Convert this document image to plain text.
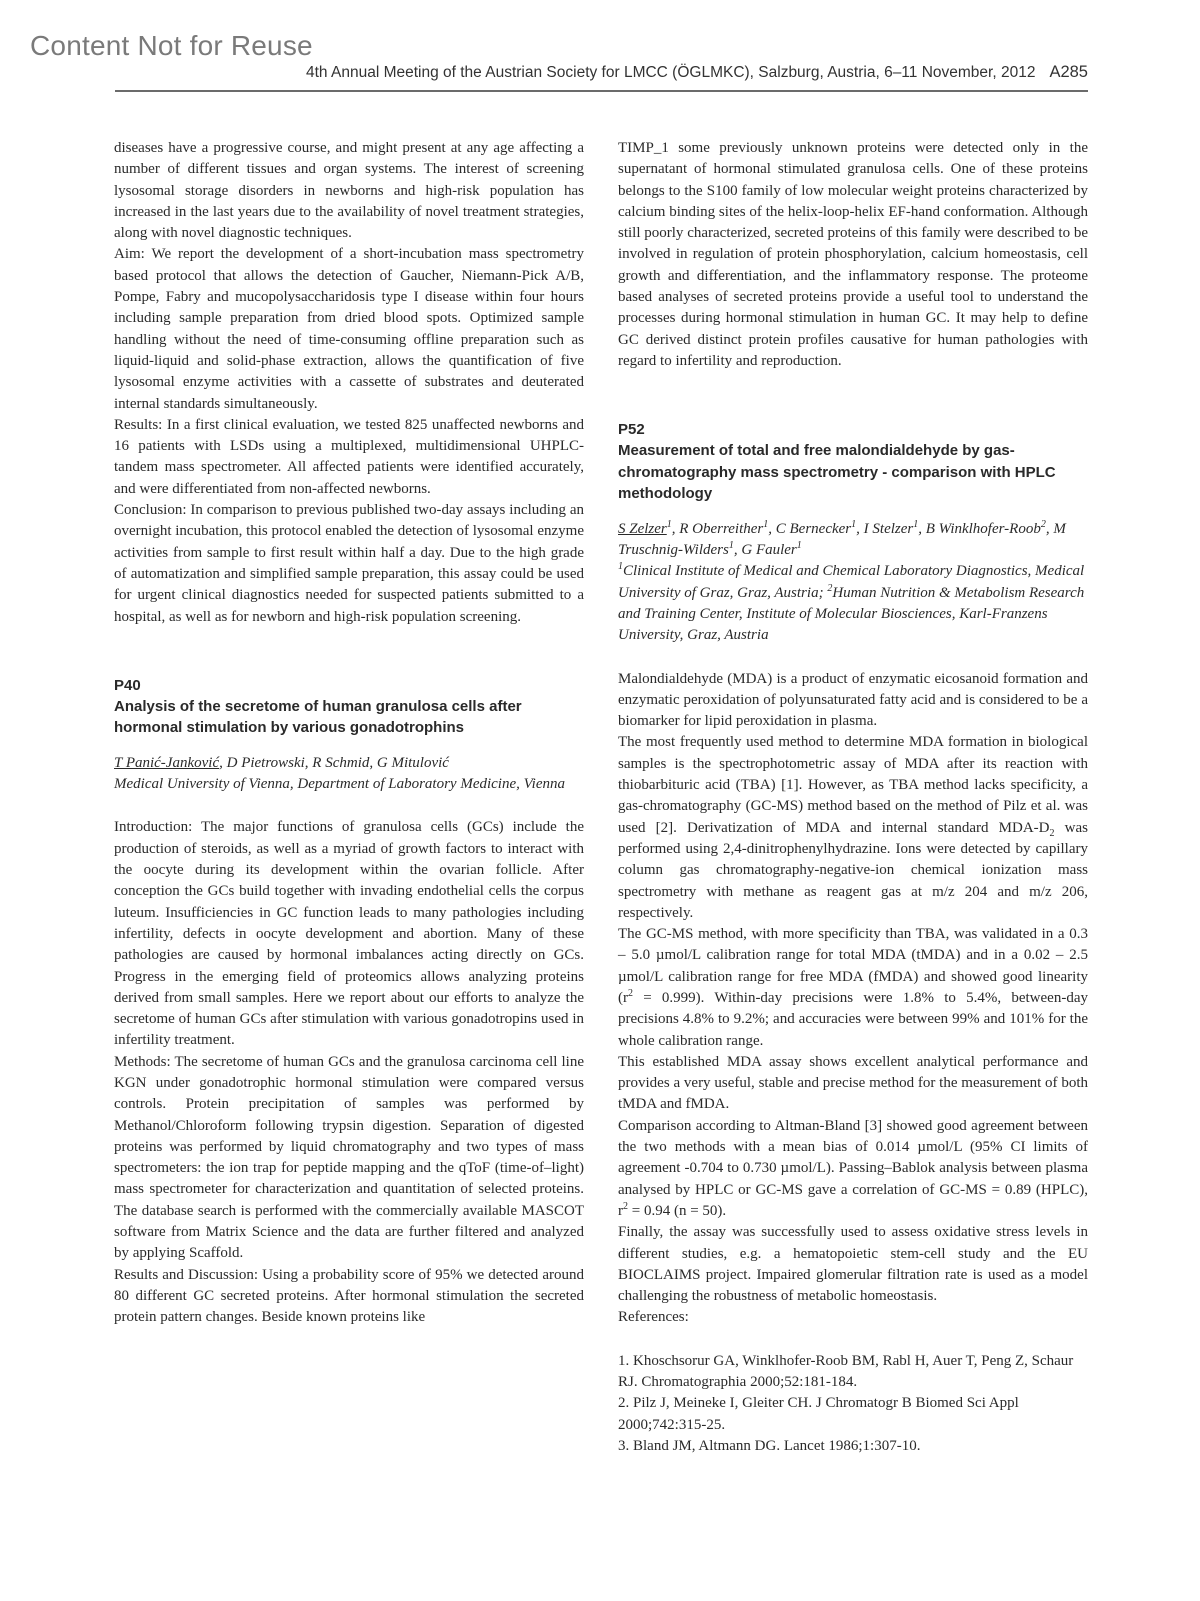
Content Not for Reuse
4th Annual Meeting of the Austrian Society for LMCC (ÖGLMKC), Salzburg, Austria, 6–11 November, 2012 A285

diseases have a progressive course, and might present at any age affecting a number of different tissues and organ systems. The interest of screening lysosomal storage disorders in newborns and high-risk population has increased in the last years due to the availability of novel treatment strategies, along with novel diagnostic techniques.

Aim: We report the development of a short-incubation mass spectrometry based protocol that allows the detection of Gaucher, Niemann-Pick A/B, Pompe, Fabry and mucopolysaccharidosis type I disease within four hours including sample preparation from dried blood spots. Optimized sample handling without the need of time-consuming offline preparation such as liquid-liquid and solid-phase extraction, allows the quantification of five lysosomal enzyme activities with a cassette of substrates and deuterated internal standards simultaneously.

Results: In a first clinical evaluation, we tested 825 unaffected newborns and 16 patients with LSDs using a multiplexed, multidimensional UHPLC-tandem mass spectrometer. All affected patients were identified accurately, and were differentiated from non-affected newborns.

Conclusion: In comparison to previous published two-day assays including an overnight incubation, this protocol enabled the detection of lysosomal enzyme activities from sample to first result within half a day. Due to the high grade of automatization and simplified sample preparation, this assay could be used for urgent clinical diagnostics needed for suspected patients submitted to a hospital, as well as for newborn and high-risk population screening.

P40

Analysis of the secretome of human granulosa cells after hormonal stimulation by various gonadotrophins

T Panić-Janković, D Pietrowski, R Schmid, G Mitulović

Medical University of Vienna, Department of Laboratory Medicine, Vienna

Introduction: The major functions of granulosa cells (GCs) include the production of steroids, as well as a myriad of growth factors to interact with the oocyte during its development within the ovarian follicle. After conception the GCs build together with invading endothelial cells the corpus luteum. Insufficiencies in GC function leads to many pathologies including infertility, defects in oocyte development and abortion. Many of these pathologies are caused by hormonal imbalances acting directly on GCs. Progress in the emerging field of proteomics allows analyzing proteins derived from small samples. Here we report about our efforts to analyze the secretome of human GCs after stimulation with various gonadotropins used in infertility treatment.

Methods: The secretome of human GCs and the granulosa carcinoma cell line KGN under gonadotrophic hormonal stimulation were compared versus controls. Protein precipitation of samples was performed by Methanol/Chloroform following trypsin digestion. Separation of digested proteins was performed by liquid chromatography and two types of mass spectrometers: the ion trap for peptide mapping and the qToF (time-of–light) mass spectrometer for characterization and quantitation of selected proteins. The database search is performed with the commercially available MASCOT software from Matrix Science and the data are further filtered and analyzed by applying Scaffold.

Results and Discussion: Using a probability score of 95% we detected around 80 different GC secreted proteins. After hormonal stimulation the secreted protein pattern changes. Beside known proteins like

TIMP_1 some previously unknown proteins were detected only in the supernatant of hormonal stimulated granulosa cells. One of these proteins belongs to the S100 family of low molecular weight proteins characterized by calcium binding sites of the helix-loop-helix EF-hand conformation. Although still poorly characterized, secreted proteins of this family were described to be involved in regulation of protein phosphorylation, calcium homeostasis, cell growth and differentiation, and the inflammatory response. The proteome based analyses of secreted proteins provide a useful tool to understand the processes during hormonal stimulation in human GC. It may help to define GC derived distinct protein profiles causative for human pathologies with regard to infertility and reproduction.

P52

Measurement of total and free malondialdehyde by gas-chromatography mass spectrometry - comparison with HPLC methodology

S Zelzer$^1$, R Oberreither$^1$, C Bernecker$^1$, I Stelzer$^1$, B Winklhofer-Roob$^2$, M Truschnig-Wilders$^1$, G Fauler$^1$

$^1$Clinical Institute of Medical and Chemical Laboratory Diagnostics, Medical University of Graz, Graz, Austria; $^2$Human Nutrition & Metabolism Research and Training Center, Institute of Molecular Biosciences, Karl-Franzens University, Graz, Austria

Malondialdehyde (MDA) is a product of enzymatic eicosanoid formation and enzymatic peroxidation of polyunsaturated fatty acid and is considered to be a biomarker for lipid peroxidation in plasma.

The most frequently used method to determine MDA formation in biological samples is the spectrophotometric assay of MDA after its reaction with thiobarbituric acid (TBA) [1]. However, as TBA method lacks specificity, a gas-chromatography (GC-MS) method based on the method of Pilz et al. was used [2]. Derivatization of MDA and internal standard MDA-$D_2$ was performed using 2,4-dinitrophenylhydrazine. Ions were detected by capillary column gas chromatography-negative-ion chemical ionization mass spectrometry with methane as reagent gas at m/z 204 and m/z 206, respectively.

The GC-MS method, with more specificity than TBA, was validated in a 0.3 – 5.0 µmol/L calibration range for total MDA (tMDA) and in a 0.02 – 2.5 µmol/L calibration range for free MDA (fMDA) and showed good linearity $(r^2 = 0.999)$. Within-day precisions were 1.8% to 5.4%, between-day precisions 4.8% to 9.2%; and accuracies were between 99% and 101% for the whole calibration range.

This established MDA assay shows excellent analytical performance and provides a very useful, stable and precise method for the measurement of both tMDA and fMDA.

Comparison according to Altman-Bland [3] showed good agreement between the two methods with a mean bias of 0.014 µmol/L (95% CI limits of agreement -0.704 to 0.730 µmol/L). Passing–Bablok analysis between plasma analysed by HPLC or GC-MS gave a correlation of GC-MS = 0.89 (HPLC), $r^2 = 0.94$ (n = 50).

Finally, the assay was successfully used to assess oxidative stress levels in different studies, e.g. a hematopoietic stem-cell study and the EU BIOCLAIMS project. Impaired glomerular filtration rate is used as a model challenging the robustness of metabolic homeostasis.

References:

1. Khoschsorur GA, Winklhofer-Roob BM, Rabl H, Auer T, Peng Z, Schaur RJ. Chromatographia 2000;52:181-184.

2. Pilz J, Meineke I, Gleiter CH. J Chromatogr B Biomed Sci Appl 2000;742:315-25.

3. Bland JM, Altmann DG. Lancet 1986;1:307-10.
